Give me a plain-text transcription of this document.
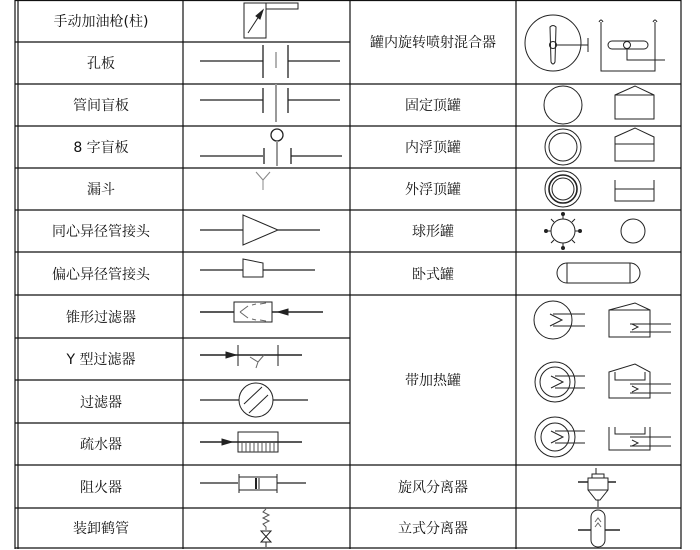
手动加油枪(柱)
孔板
管间盲板
8 字盲板
漏斗
同心异径管接头
偏心异径管接头
锥形过滤器
Y 型过滤器
过滤器
疏水器
阻火器
装卸鹤管
罐内旋转喷射混合器
固定顶罐
内浮顶罐
外浮顶罐
球形罐
卧式罐
带加热罐
旋风分离器
立式分离器
